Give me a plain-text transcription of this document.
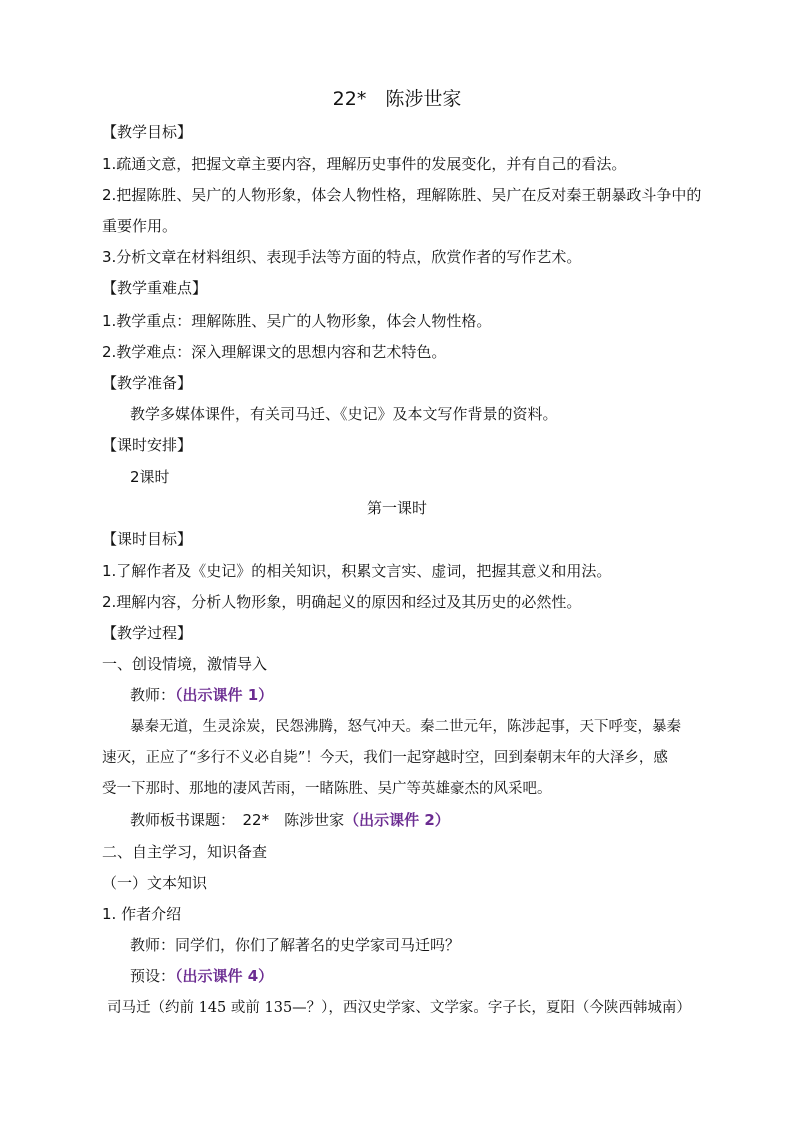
22*　陈涉世家
【教学目标】
1.疏通文意，把握文章主要内容，理解历史事件的发展变化，并有自己的看法。
2.把握陈胜、吴广的人物形象，体会人物性格，理解陈胜、吴广在反对秦王朝暴政斗争中的
重要作用。
3.分析文章在材料组织、表现手法等方面的特点，欣赏作者的写作艺术。
【教学重难点】
1.教学重点：理解陈胜、吴广的人物形象，体会人物性格。
2.教学难点：深入理解课文的思想内容和艺术特色。
【教学准备】
教学多媒体课件，有关司马迁、《史记》及本文写作背景的资料。
【课时安排】
2课时
第一课时
【课时目标】
1.了解作者及《史记》的相关知识，积累文言实、虚词，把握其意义和用法。
2.理解内容，分析人物形象，明确起义的原因和经过及其历史的必然性。
【教学过程】
一、创设情境，激情导入
教师：（出示课件 1）
暴秦无道，生灵涂炭，民怨沸腾，怒气冲天。秦二世元年，陈涉起事，天下呼变，暴秦
速灭，正应了“多行不义必自毙”！今天，我们一起穿越时空，回到秦朝末年的大泽乡，感
受一下那时、那地的凄风苦雨，一睹陈胜、吴广等英雄豪杰的风采吧。
教师板书课题：　22*　陈涉世家（出示课件 2）
二、自主学习，知识备查
（一）文本知识
1. 作者介绍
教师：同学们，你们了解著名的史学家司马迁吗？
预设：（出示课件 4）
司马迁（约前 145 或前 135—？），西汉史学家、文学家。字子长，夏阳（今陕西韩城南）
